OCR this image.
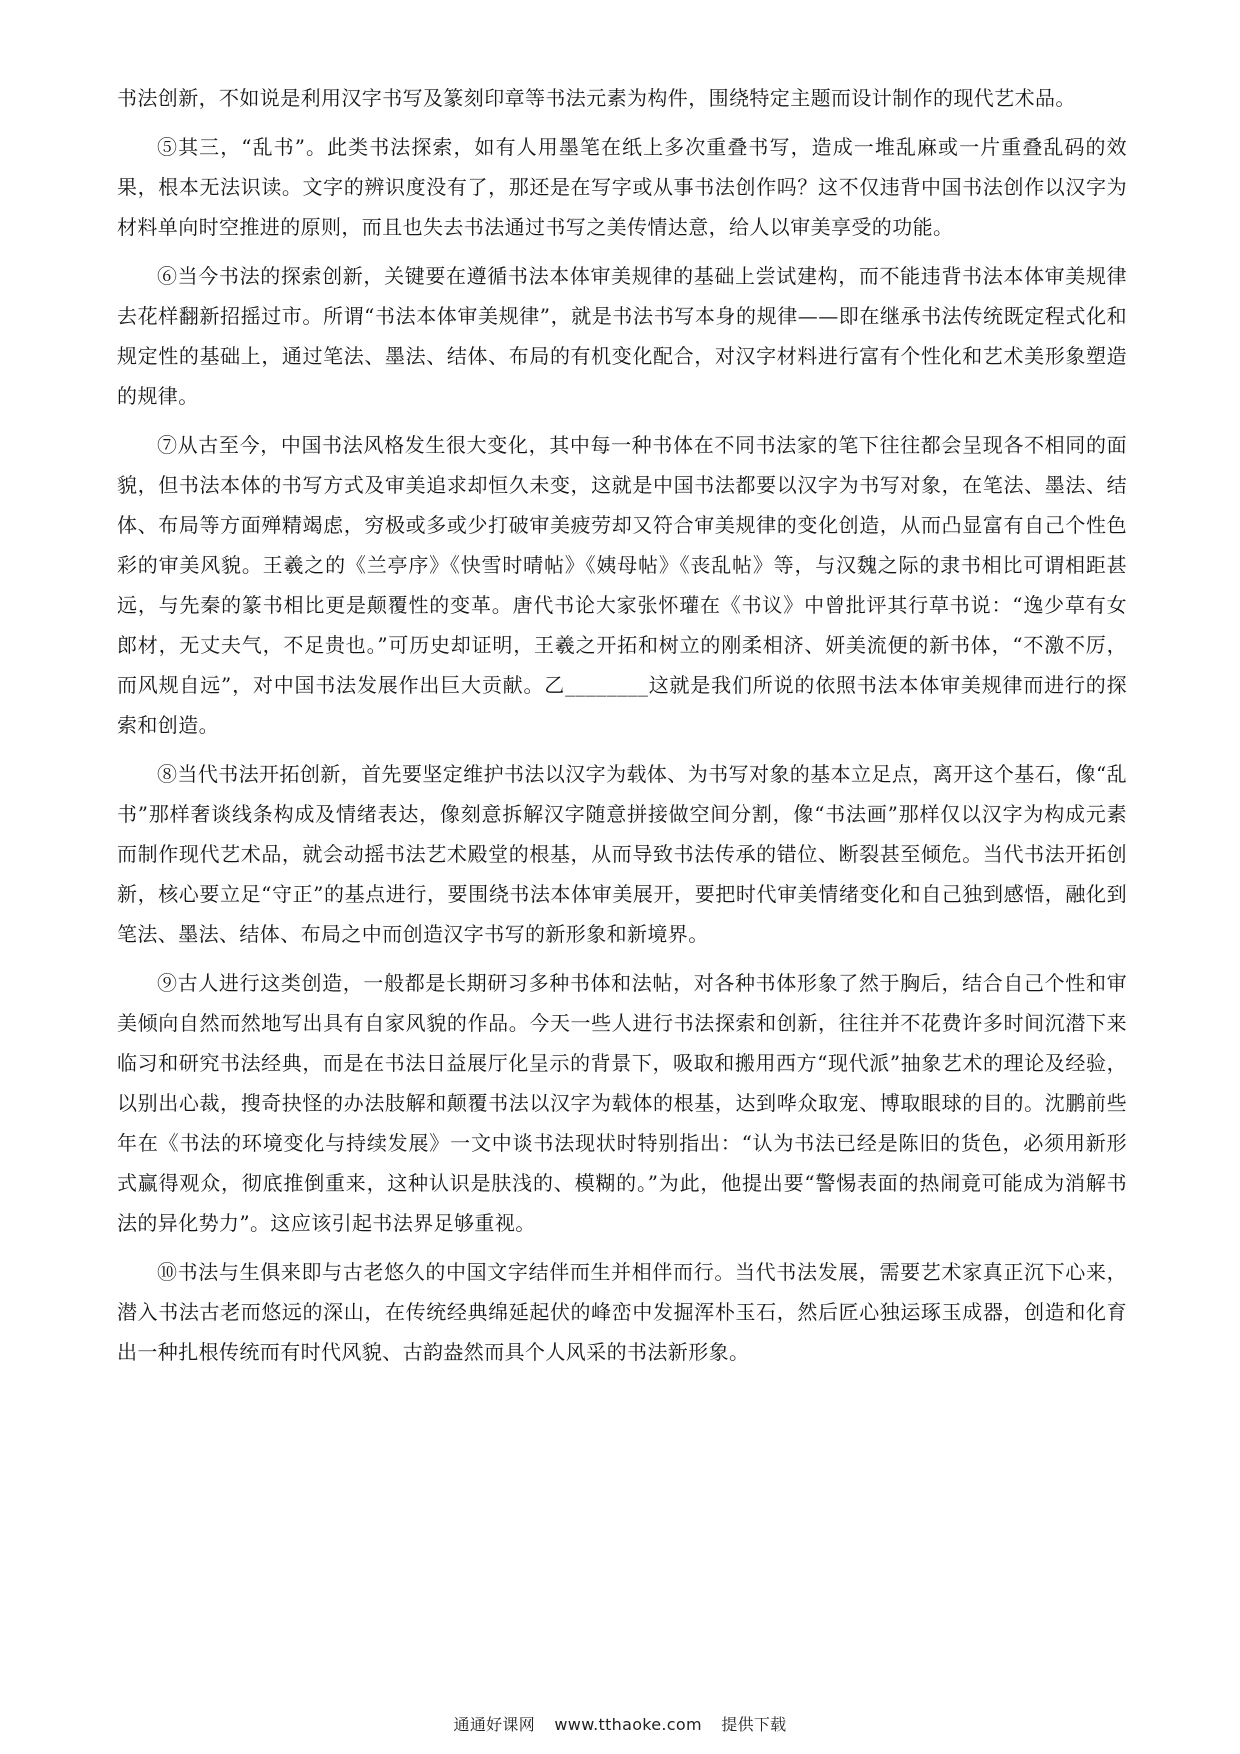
书法创新，不如说是利用汉字书写及篆刻印章等书法元素为构件，围绕特定主题而设计制作的现代艺术品。

⑤其三，“乱书”。此类书法探索，如有人用墨笔在纸上多次重叠书写，造成一堆乱麻或一片重叠乱码的效果，根本无法识读。文字的辨识度没有了，那还是在写字或从事书法创作吗？这不仅违背中国书法创作以汉字为材料单向时空推进的原则，而且也失去书法通过书写之美传情达意，给人以审美享受的功能。

⑥当今书法的探索创新，关键要在遵循书法本体审美规律的基础上尝试建构，而不能违背书法本体审美规律去花样翻新招摇过市。所谓“书法本体审美规律”，就是书法书写本身的规律——即在继承书法传统既定程式化和规定性的基础上，通过笔法、墨法、结体、布局的有机变化配合，对汉字材料进行富有个性化和艺术美形象塑造的规律。

⑦从古至今，中国书法风格发生很大变化，其中每一种书体在不同书法家的笔下往往都会呈现各不相同的面貌，但书法本体的书写方式及审美追求却恒久未变，这就是中国书法都要以汉字为书写对象，在笔法、墨法、结体、布局等方面殚精竭虑，穷极或多或少打破审美疲劳却又符合审美规律的变化创造，从而凸显富有自己个性色彩的审美风貌。王羲之的《兰亭序》《快雪时晴帖》《姨母帖》《丧乱帖》等，与汉魏之际的隶书相比可谓相距甚远，与先秦的篆书相比更是颠覆性的变革。唐代书论大家张怀瓘在《书议》中曾批评其行草书说：“逸少草有女郎材，无丈夫气，不足贵也。”可历史却证明，王羲之开拓和树立的刚柔相济、妍美流便的新书体，“不激不厉，而风规自远”，对中国书法发展作出巨大贡献。乙________这就是我们所说的依照书法本体审美规律而进行的探索和创造。

⑧当代书法开拓创新，首先要坚定维护书法以汉字为载体、为书写对象的基本立足点，离开这个基石，像“乱书”那样奢谈线条构成及情绪表达，像刻意拆解汉字随意拼接做空间分割，像“书法画”那样仅以汉字为构成元素而制作现代艺术品，就会动摇书法艺术殿堂的根基，从而导致书法传承的错位、断裂甚至倾危。当代书法开拓创新，核心要立足“守正”的基点进行，要围绕书法本体审美展开，要把时代审美情绪变化和自己独到感悟，融化到笔法、墨法、结体、布局之中而创造汉字书写的新形象和新境界。

⑨古人进行这类创造，一般都是长期研习多种书体和法帖，对各种书体形象了然于胸后，结合自己个性和审美倾向自然而然地写出具有自家风貌的作品。今天一些人进行书法探索和创新，往往并不花费许多时间沉潜下来临习和研究书法经典，而是在书法日益展厅化呈示的背景下，吸取和搬用西方“现代派”抽象艺术的理论及经验，以别出心裁，搜奇抉怪的办法肢解和颠覆书法以汉字为载体的根基，达到哗众取宠、博取眼球的目的。沈鹏前些年在《书法的环境变化与持续发展》一文中谈书法现状时特别指出：“认为书法已经是陈旧的货色，必须用新形式赢得观众，彻底推倒重来，这种认识是肤浅的、模糊的。”为此，他提出要“警惕表面的热闹竟可能成为消解书法的异化势力”。这应该引起书法界足够重视。

⑩书法与生俱来即与古老悠久的中国文字结伴而生并相伴而行。当代书法发展，需要艺术家真正沉下心来，潜入书法古老而悠远的深山，在传统经典绵延起伏的峰峦中发掘浑朴玉石，然后匠心独运琢玉成器，创造和化育出一种扎根传统而有时代风貌、古韵盎然而具个人风采的书法新形象。

通通好课网 www.tthaoke.com 提供下载
